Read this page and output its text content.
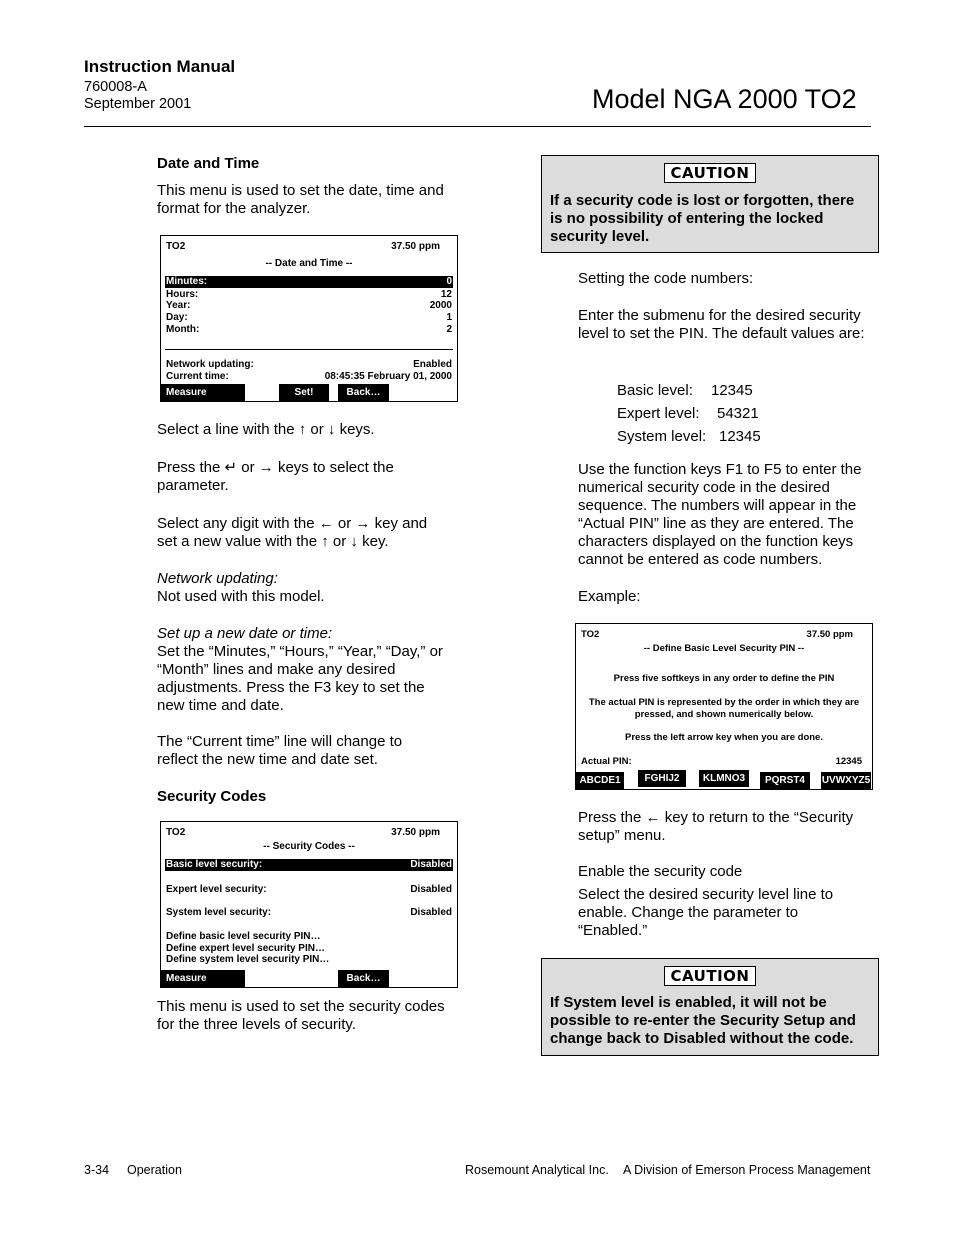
Instruction Manual
760008-A
September 2001	Model NGA 2000 TO2
Date and Time

This menu is used to set the date, time and format for the analyzer.

TO2	37.50 ppm
-- Date and Time --
Minutes:	0
Hours:	12
Year:	2000
Day:	1
Month:	2
Network updating:	Enabled
Current time:	08:45:35 February 01, 2000
Measure	Set!	Back…

Select a line with the ↑ or ↓ keys.

Press the ↵ or → keys to select the parameter.

Select any digit with the ← or → key and set a new value with the ↑ or ↓ key.

Network updating:

Not used with this model.

Set up a new date or time:

Set the “Minutes,” “Hours,” “Year,” “Day,” or “Month” lines and make any desired adjustments. Press the F3 key to set the new time and date.

The “Current time” line will change to reflect the new time and date set.

Security Codes
TO2	37.50 ppm
-- Security Codes --
Basic level security:	Disabled
Expert level security:	Disabled
System level security:	Disabled
Define basic level security PIN…
Define expert level security PIN…
Define system level security PIN…
Measure	Back…

This menu is used to set the security codes for the three levels of security.

CAUTION
If a security code is lost or forgotten, there is no possibility of entering the locked security level.

Setting the code numbers:

Enter the submenu for the desired security level to set the PIN. The default values are:

Basic level: 12345
Expert level: 54321
System level: 12345

Use the function keys F1 to F5 to enter the numerical security code in the desired sequence. The numbers will appear in the “Actual PIN” line as they are entered. The characters displayed on the function keys cannot be entered as code numbers.

Example:

TO2	37.50 ppm
-- Define Basic Level Security PIN --
Press five softkeys in any order to define the PIN
The actual PIN is represented by the order in which they are pressed, and shown numerically below.
Press the left arrow key when you are done.
Actual PIN:	12345
ABCDE1	FGHIJ2	KLMNO3	PQRST4	UVWXYZ5

Press the ← key to return to the “Security setup” menu.

Enable the security code

Select the desired security level line to enable. Change the parameter to “Enabled.”

CAUTION
If System level is enabled, it will not be possible to re-enter the Security Setup and change back to Disabled without the code.
3-34 Operation	Rosemount Analytical Inc. A Division of Emerson Process Management
